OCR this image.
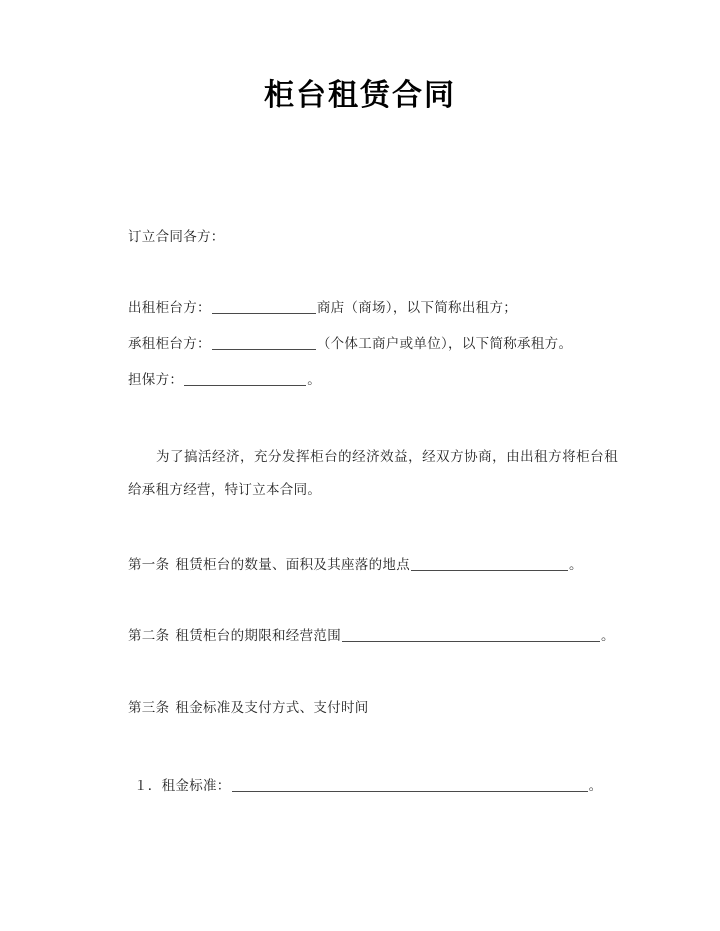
柜台租赁合同
订立合同各方：
出租柜台方：	商店（商场），以下简称出租方；
承租柜台方：	（个体工商户或单位），以下简称承租方。
担保方：	。
为了搞活经济，充分发挥柜台的经济效益，经双方协商，由出租方将柜台租给承租方经营，特订立本合同。
第一条 租赁柜台的数量、面积及其座落的地点	。
第二条 租赁柜台的期限和经营范围	。
第三条 租金标准及支付方式、支付时间
１．租金标准：	。
